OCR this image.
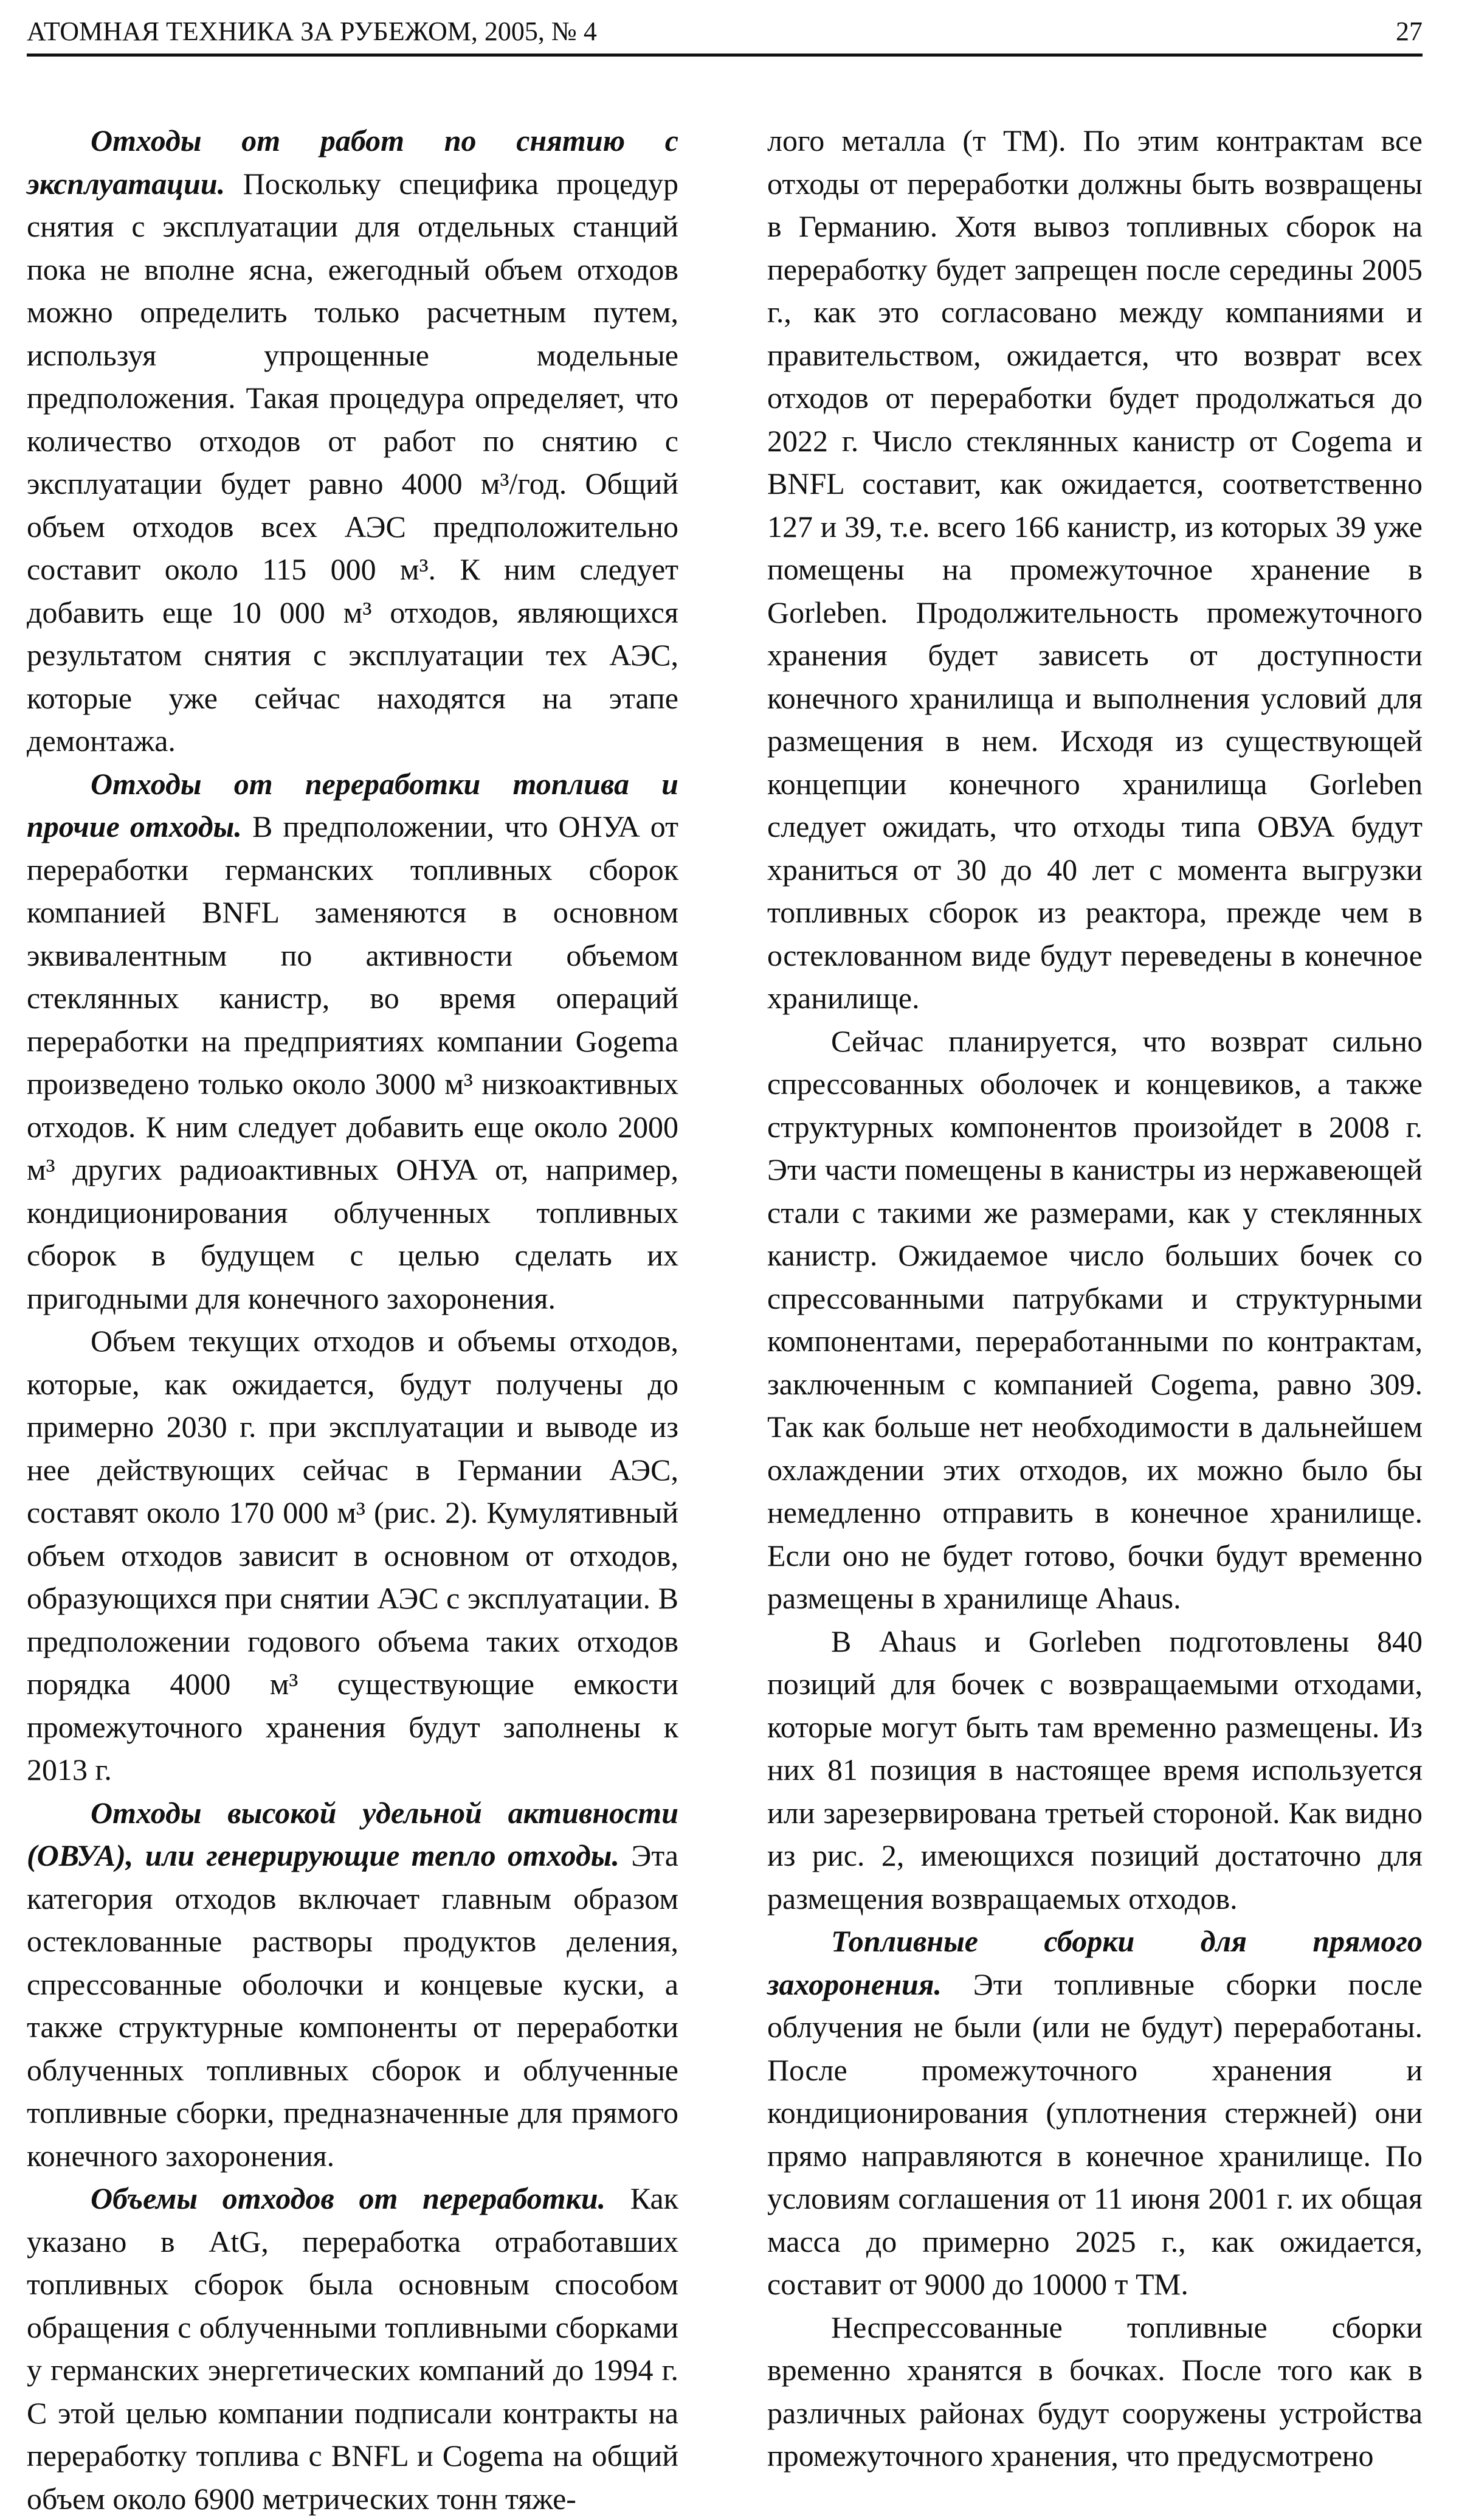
АТОМНАЯ ТЕХНИКА ЗА РУБЕЖОМ, 2005, № 4	27

Отходы от работ по снятию с эксплуатации. Поскольку специфика процедур снятия с эксплуатации для отдельных станций пока не вполне ясна, ежегодный объем отходов можно определить только расчетным путем, используя упрощенные модельные предположения. Такая процедура определяет, что количество отходов от работ по снятию с эксплуатации будет равно 4000 м³/год. Общий объем отходов всех АЭС предположительно составит около 115 000 м³. К ним следует добавить еще 10 000 м³ отходов, являющихся результатом снятия с эксплуатации тех АЭС, которые уже сейчас находятся на этапе демонтажа.

Отходы от переработки топлива и прочие отходы. В предположении, что ОНУА от переработки германских топливных сборок компанией BNFL заменяются в основном эквивалентным по активности объемом стеклянных канистр, во время операций переработки на предприятиях компании Gogema произведено только около 3000 м³ низкоактивных отходов. К ним следует добавить еще около 2000 м³ других радиоактивных ОНУА от, например, кондиционирования облученных топливных сборок в будущем с целью сделать их пригодными для конечного захоронения.

Объем текущих отходов и объемы отходов, которые, как ожидается, будут получены до примерно 2030 г. при эксплуатации и выводе из нее действующих сейчас в Германии АЭС, составят около 170 000 м³ (рис. 2). Кумулятивный объем отходов зависит в основном от отходов, образующихся при снятии АЭС с эксплуатации. В предположении годового объема таких отходов порядка 4000 м³ существующие емкости промежуточного хранения будут заполнены к 2013 г.

Отходы высокой удельной активности (ОВУА), или генерирующие тепло отходы. Эта категория отходов включает главным образом остеклованные растворы продуктов деления, спрессованные оболочки и концевые куски, а также структурные компоненты от переработки облученных топливных сборок и облученные топливные сборки, предназначенные для прямого конечного захоронения.

Объемы отходов от переработки. Как указано в AtG, переработка отработавших топливных сборок была основным способом обращения с облученными топливными сборками у германских энергетических компаний до 1994 г. С этой целью компании подписали контракты на переработку топлива с BNFL и Cogema на общий объем около 6900 метрических тонн тяже-

лого металла (т ТМ). По этим контрактам все отходы от переработки должны быть возвращены в Германию. Хотя вывоз топливных сборок на переработку будет запрещен после середины 2005 г., как это согласовано между компаниями и правительством, ожидается, что возврат всех отходов от переработки будет продолжаться до 2022 г. Число стеклянных канистр от Cogema и BNFL составит, как ожидается, соответственно 127 и 39, т.е. всего 166 канистр, из которых 39 уже помещены на промежуточное хранение в Gorleben. Продолжительность промежуточного хранения будет зависеть от доступности конечного хранилища и выполнения условий для размещения в нем. Исходя из существующей концепции конечного хранилища Gorleben следует ожидать, что отходы типа ОВУА будут храниться от 30 до 40 лет с момента выгрузки топливных сборок из реактора, прежде чем в остеклованном виде будут переведены в конечное хранилище.

Сейчас планируется, что возврат сильно спрессованных оболочек и концевиков, а также структурных компонентов произойдет в 2008 г. Эти части помещены в канистры из нержавеющей стали с такими же размерами, как у стеклянных канистр. Ожидаемое число больших бочек со спрессованными патрубками и структурными компонентами, переработанными по контрактам, заключенным с компанией Cogema, равно 309. Так как больше нет необходимости в дальнейшем охлаждении этих отходов, их можно было бы немедленно отправить в конечное хранилище. Если оно не будет готово, бочки будут временно размещены в хранилище Ahaus.

В Ahaus и Gorleben подготовлены 840 позиций для бочек с возвращаемыми отходами, которые могут быть там временно размещены. Из них 81 позиция в настоящее время используется или зарезервирована третьей стороной. Как видно из рис. 2, имеющихся позиций достаточно для размещения возвращаемых отходов.

Топливные сборки для прямого захоронения. Эти топливные сборки после облучения не были (или не будут) переработаны. После промежуточного хранения и кондиционирования (уплотнения стержней) они прямо направляются в конечное хранилище. По условиям соглашения от 11 июня 2001 г. их общая масса до примерно 2025 г., как ожидается, составит от 9000 до 10000 т ТМ.

Неспрессованные топливные сборки временно хранятся в бочках. После того как в различных районах будут сооружены устройства промежуточного хранения, что предусмотрено
